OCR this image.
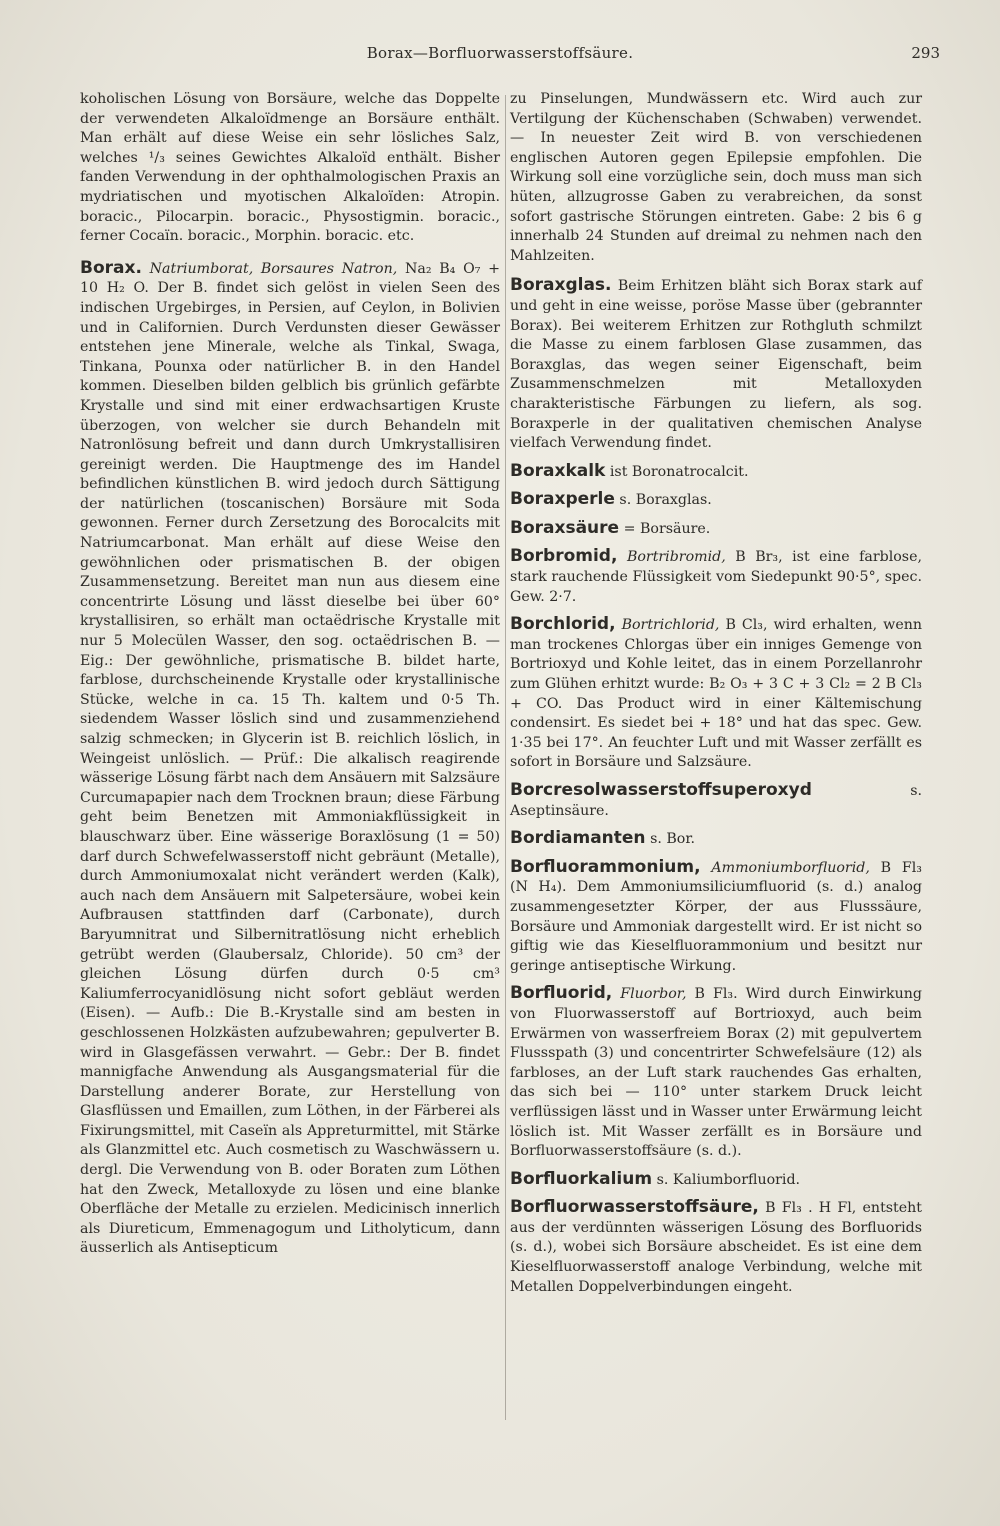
Borax—Borfluorwasserstoffsäure.	293

koholischen Lösung von Borsäure, welche das Doppelte der verwendeten Alkaloïdmenge an Borsäure enthält. Man erhält auf diese Weise ein sehr lösliches Salz, welches ¹/₃ seines Gewichtes Alkaloïd enthält. Bisher fanden Verwendung in der ophthalmologischen Praxis an mydriatischen und myotischen Alkaloïden: Atropin. boracic., Pilocarpin. boracic., Physostigmin. boracic., ferner Cocaïn. boracic., Morphin. boracic. etc.

Borax. Natriumborat, Borsaures Natron, Na₂ B₄ O₇ + 10 H₂ O. Der B. findet sich gelöst in vielen Seen des indischen Urgebirges, in Persien, auf Ceylon, in Bolivien und in Californien. Durch Verdunsten dieser Gewässer entstehen jene Minerale, welche als Tinkal, Swaga, Tinkana, Pounxa oder natürlicher B. in den Handel kommen. Dieselben bilden gelblich bis grünlich gefärbte Krystalle und sind mit einer erdwachsartigen Kruste überzogen, von welcher sie durch Behandeln mit Natronlösung befreit und dann durch Umkrystallisiren gereinigt werden. Die Hauptmenge des im Handel befindlichen künstlichen B. wird jedoch durch Sättigung der natürlichen (toscanischen) Borsäure mit Soda gewonnen. Ferner durch Zersetzung des Borocalcits mit Natriumcarbonat. Man erhält auf diese Weise den gewöhnlichen oder prismatischen B. der obigen Zusammensetzung. Bereitet man nun aus diesem eine concentrirte Lösung und lässt dieselbe bei über 60° krystallisiren, so erhält man octaëdrische Krystalle mit nur 5 Molecülen Wasser, den sog. octaëdrischen B. — Eig.: Der gewöhnliche, prismatische B. bildet harte, farblose, durchscheinende Krystalle oder krystallinische Stücke, welche in ca. 15 Th. kaltem und 0·5 Th. siedendem Wasser löslich sind und zusammenziehend salzig schmecken; in Glycerin ist B. reichlich löslich, in Weingeist unlöslich. — Prüf.: Die alkalisch reagirende wässerige Lösung färbt nach dem Ansäuern mit Salzsäure Curcumapapier nach dem Trocknen braun; diese Färbung geht beim Benetzen mit Ammoniakflüssigkeit in blauschwarz über. Eine wässerige Boraxlösung (1 = 50) darf durch Schwefelwasserstoff nicht gebräunt (Metalle), durch Ammoniumoxalat nicht verändert werden (Kalk), auch nach dem Ansäuern mit Salpetersäure, wobei kein Aufbrausen stattfinden darf (Carbonate), durch Baryumnitrat und Silbernitratlösung nicht erheblich getrübt werden (Glaubersalz, Chloride). 50 cm³ der gleichen Lösung dürfen durch 0·5 cm³ Kaliumferrocyanidlösung nicht sofort gebläut werden (Eisen). — Aufb.: Die B.-Krystalle sind am besten in geschlossenen Holzkästen aufzubewahren; gepulverter B. wird in Glasgefässen verwahrt. — Gebr.: Der B. findet mannigfache Anwendung als Ausgangsmaterial für die Darstellung anderer Borate, zur Herstellung von Glasflüssen und Emaillen, zum Löthen, in der Färberei als Fixirungsmittel, mit Caseïn als Appreturmittel, mit Stärke als Glanzmittel etc. Auch cosmetisch zu Waschwässern u. dergl. Die Verwendung von B. oder Boraten zum Löthen hat den Zweck, Metalloxyde zu lösen und eine blanke Oberfläche der Metalle zu erzielen. Medicinisch innerlich als Diureticum, Emmenagogum und Litholyticum, dann äusserlich als Antisepticum

zu Pinselungen, Mundwässern etc. Wird auch zur Vertilgung der Küchenschaben (Schwaben) verwendet. — In neuester Zeit wird B. von verschiedenen englischen Autoren gegen Epilepsie empfohlen. Die Wirkung soll eine vorzügliche sein, doch muss man sich hüten, allzugrosse Gaben zu verabreichen, da sonst sofort gastrische Störungen eintreten. Gabe: 2 bis 6 g innerhalb 24 Stunden auf dreimal zu nehmen nach den Mahlzeiten.

Boraxglas. Beim Erhitzen bläht sich Borax stark auf und geht in eine weisse, poröse Masse über (gebrannter Borax). Bei weiterem Erhitzen zur Rothgluth schmilzt die Masse zu einem farblosen Glase zusammen, das Boraxglas, das wegen seiner Eigenschaft, beim Zusammenschmelzen mit Metalloxyden charakteristische Färbungen zu liefern, als sog. Boraxperle in der qualitativen chemischen Analyse vielfach Verwendung findet.

Boraxkalk ist Boronatrocalcit.

Boraxperle s. Boraxglas.

Boraxsäure = Borsäure.

Borbromid, Bortribromid, B Br₃, ist eine farblose, stark rauchende Flüssigkeit vom Siedepunkt 90·5°, spec. Gew. 2·7.

Borchlorid, Bortrichlorid, B Cl₃, wird erhalten, wenn man trockenes Chlorgas über ein inniges Gemenge von Bortrioxyd und Kohle leitet, das in einem Porzellanrohr zum Glühen erhitzt wurde: B₂ O₃ + 3 C + 3 Cl₂ = 2 B Cl₃ + CO. Das Product wird in einer Kältemischung condensirt. Es siedet bei + 18° und hat das spec. Gew. 1·35 bei 17°. An feuchter Luft und mit Wasser zerfällt es sofort in Borsäure und Salzsäure.

Borcresolwasserstoffsuperoxyd	s. Aseptinsäure.

Bordiamanten s. Bor.

Borfluorammonium, Ammoniumborfluorid, B Fl₃ (N H₄). Dem Ammoniumsiliciumfluorid (s. d.) analog zusammengesetzter Körper, der aus Flusssäure, Borsäure und Ammoniak dargestellt wird. Er ist nicht so giftig wie das Kieselfluorammonium und besitzt nur geringe antiseptische Wirkung.

Borfluorid, Fluorbor, B Fl₃. Wird durch Einwirkung von Fluorwasserstoff auf Bortrioxyd, auch beim Erwärmen von wasserfreiem Borax (2) mit gepulvertem Flussspath (3) und concentrirter Schwefelsäure (12) als farbloses, an der Luft stark rauchendes Gas erhalten, das sich bei — 110° unter starkem Druck leicht verflüssigen lässt und in Wasser unter Erwärmung leicht löslich ist. Mit Wasser zerfällt es in Borsäure und Borfluorwasserstoffsäure (s. d.).

Borfluorkalium s. Kaliumborfluorid.

Borfluorwasserstoffsäure, B Fl₃ . H Fl, entsteht aus der verdünnten wässerigen Lösung des Borfluorids (s. d.), wobei sich Borsäure abscheidet. Es ist eine dem Kieselfluorwasserstoff analoge Verbindung, welche mit Metallen Doppelverbindungen eingeht.
